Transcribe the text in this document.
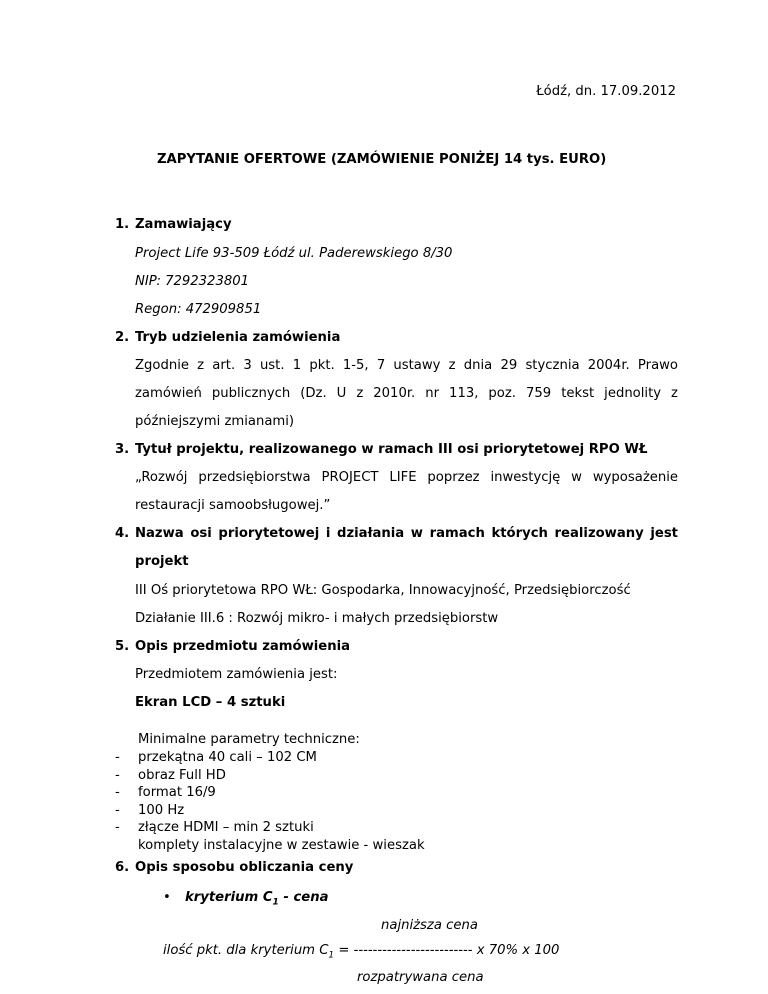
Łódź, dn. 17.09.2012
ZAPYTANIE OFERTOWE (ZAMÓWIENIE PONIŻEJ 14 tys. EURO)
1. Zamawiający
Project Life 93-509 Łódź ul. Paderewskiego 8/30
NIP: 7292323801
Regon: 472909851
2. Tryb udzielenia zamówienia
Zgodnie z art. 3 ust. 1 pkt. 1-5, 7 ustawy z dnia 29 stycznia 2004r. Prawo
zamówień publicznych (Dz. U z 2010r. nr 113, poz. 759 tekst jednolity z
późniejszymi zmianami)
3. Tytuł projektu, realizowanego w ramach III osi priorytetowej RPO WŁ
„Rozwój przedsiębiorstwa PROJECT LIFE poprzez inwestycję w wyposażenie
restauracji samoobsługowej.”
4. Nazwa osi priorytetowej i działania w ramach których realizowany jest
projekt
III Oś priorytetowa RPO WŁ: Gospodarka, Innowacyjność, Przedsiębiorczość
Działanie III.6 : Rozwój mikro- i małych przedsiębiorstw
5. Opis przedmiotu zamówienia
Przedmiotem zamówienia jest:
Ekran LCD – 4 sztuki
Minimalne parametry techniczne:
- przekątna 40 cali – 102 CM
- obraz Full HD
- format 16/9
- 100 Hz
- złącze HDMI – min 2 sztuki
komplety instalacyjne w zestawie - wieszak
6. Opis sposobu obliczania ceny
• kryterium $C_1$ - cena
najniższa cena
ilość pkt. dla kryterium $C_1$ = ------------------------- x 70% x 100
rozpatrywana cena
